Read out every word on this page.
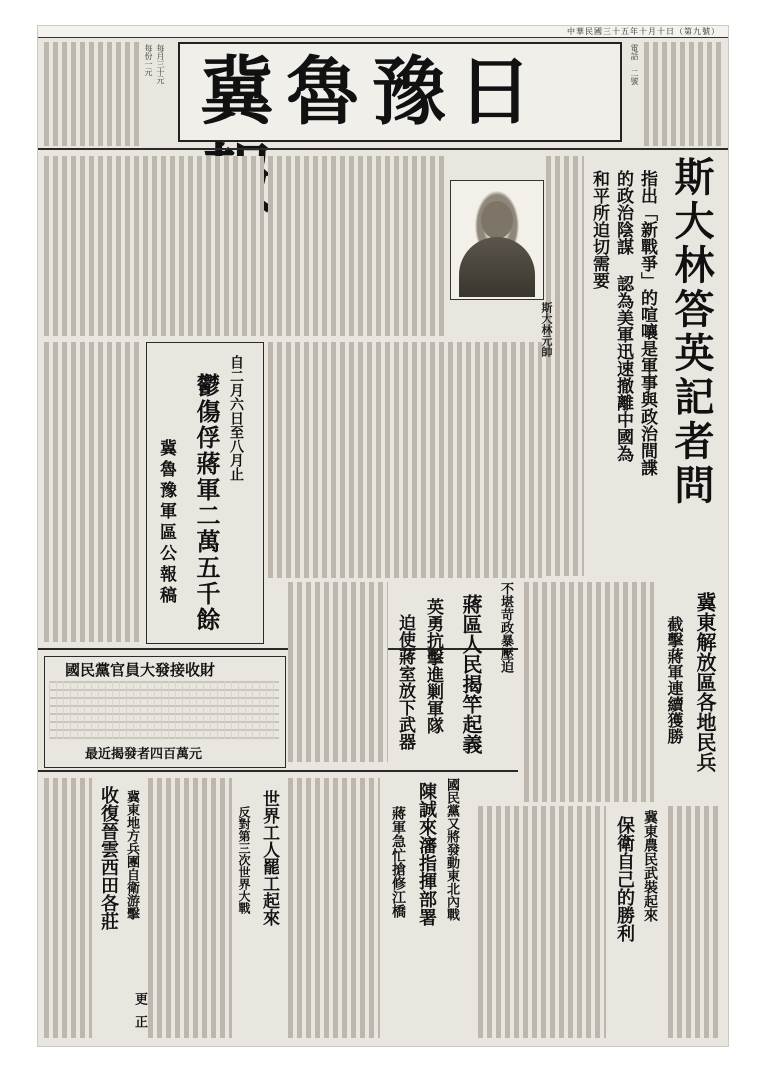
中華民國三十五年十月十日（第九號）
每份一元 每月三十元 冀魯豫日	電話 二號
斯大林答英記者問
指出「新戰爭」的喧嚷是軍事與政治間諜
的政治陰謀 認為美軍迅速撤離中國為
和平所迫切需要
斯大林元帥
鬱傷俘蔣軍二萬五千餘 自二月六日至八月止
冀魯豫軍區公報稿
國民黨官員大發接收財
最近揭發者四百萬元
不堪苛政暴壓迫
蔣區人民揭竿起義
英勇抗擊進剿軍隊
迫使蔣室放下武器	冀東解放區各地民兵
截擊蔣軍連續獲勝
收復晉雲西田各莊 冀東地方兵團自衛游擊	世界工人罷工起來
反對第三次世界大戰	陳誠來瀋指揮部署 國民黨又將發動東北內戰
蔣軍急忙搶修江橋	保衛自己的勝利 冀東農民武裝起來
更正
